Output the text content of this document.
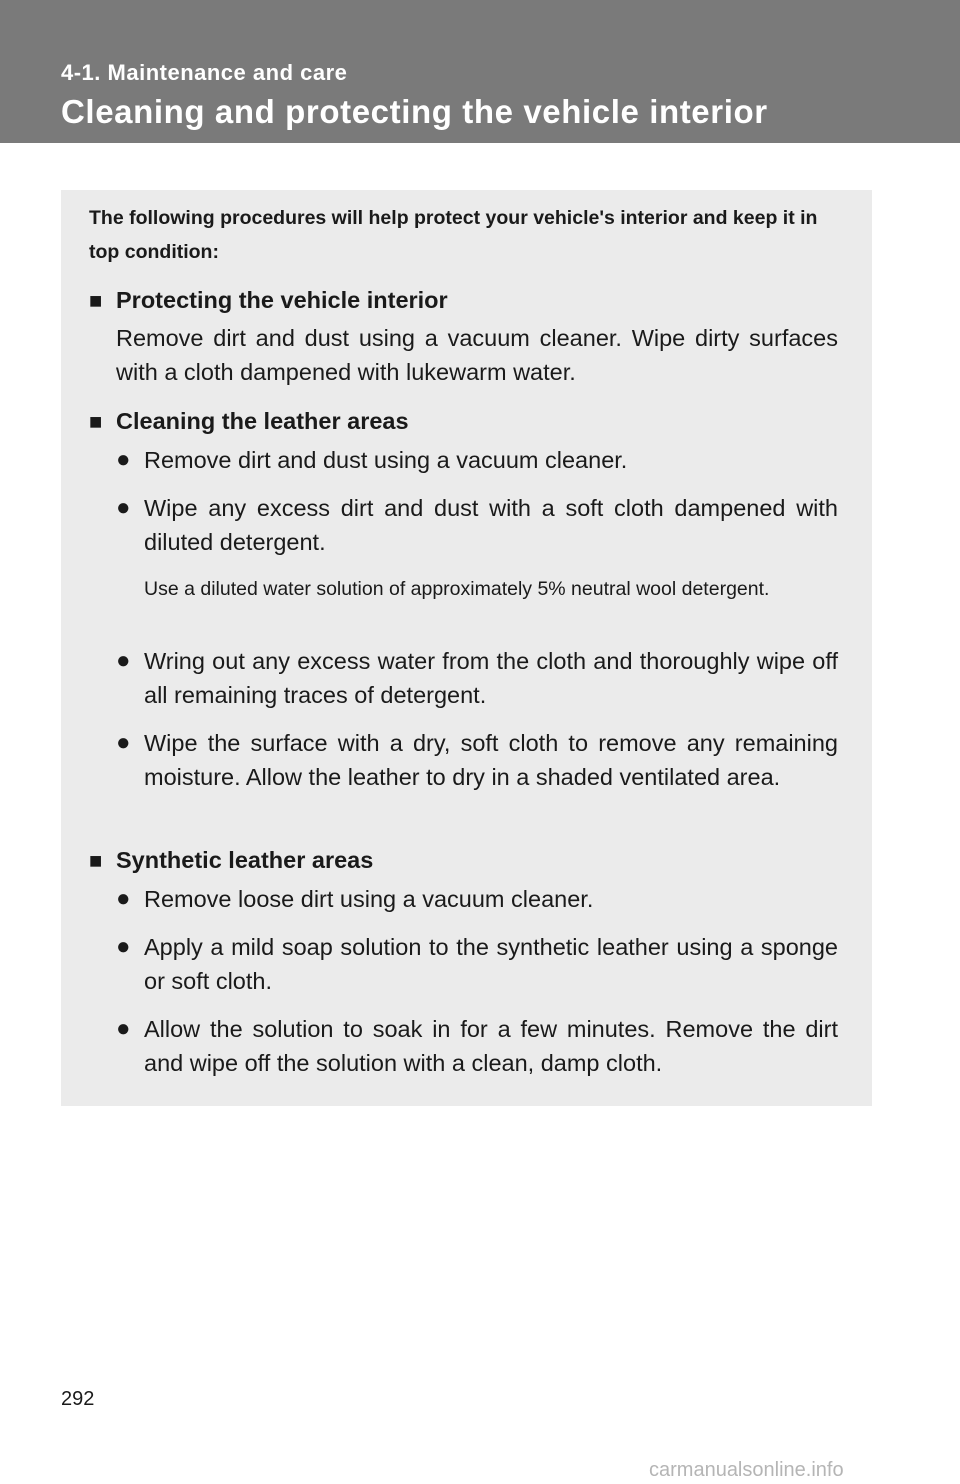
4-1. Maintenance and care
Cleaning and protecting the vehicle interior
The following procedures will help protect your vehicle's interior and keep it in top condition:
■ Protecting the vehicle interior
Remove dirt and dust using a vacuum cleaner. Wipe dirty surfaces with a cloth dampened with lukewarm water.
■ Cleaning the leather areas
● Remove dirt and dust using a vacuum cleaner.
● Wipe any excess dirt and dust with a soft cloth dampened with diluted detergent.
Use a diluted water solution of approximately 5% neutral wool detergent.
● Wring out any excess water from the cloth and thoroughly wipe off all remaining traces of detergent.
● Wipe the surface with a dry, soft cloth to remove any remaining moisture. Allow the leather to dry in a shaded ventilated area.
■ Synthetic leather areas
● Remove loose dirt using a vacuum cleaner.
● Apply a mild soap solution to the synthetic leather using a sponge or soft cloth.
● Allow the solution to soak in for a few minutes. Remove the dirt and wipe off the solution with a clean, damp cloth.
292
carmanualsonline.info
